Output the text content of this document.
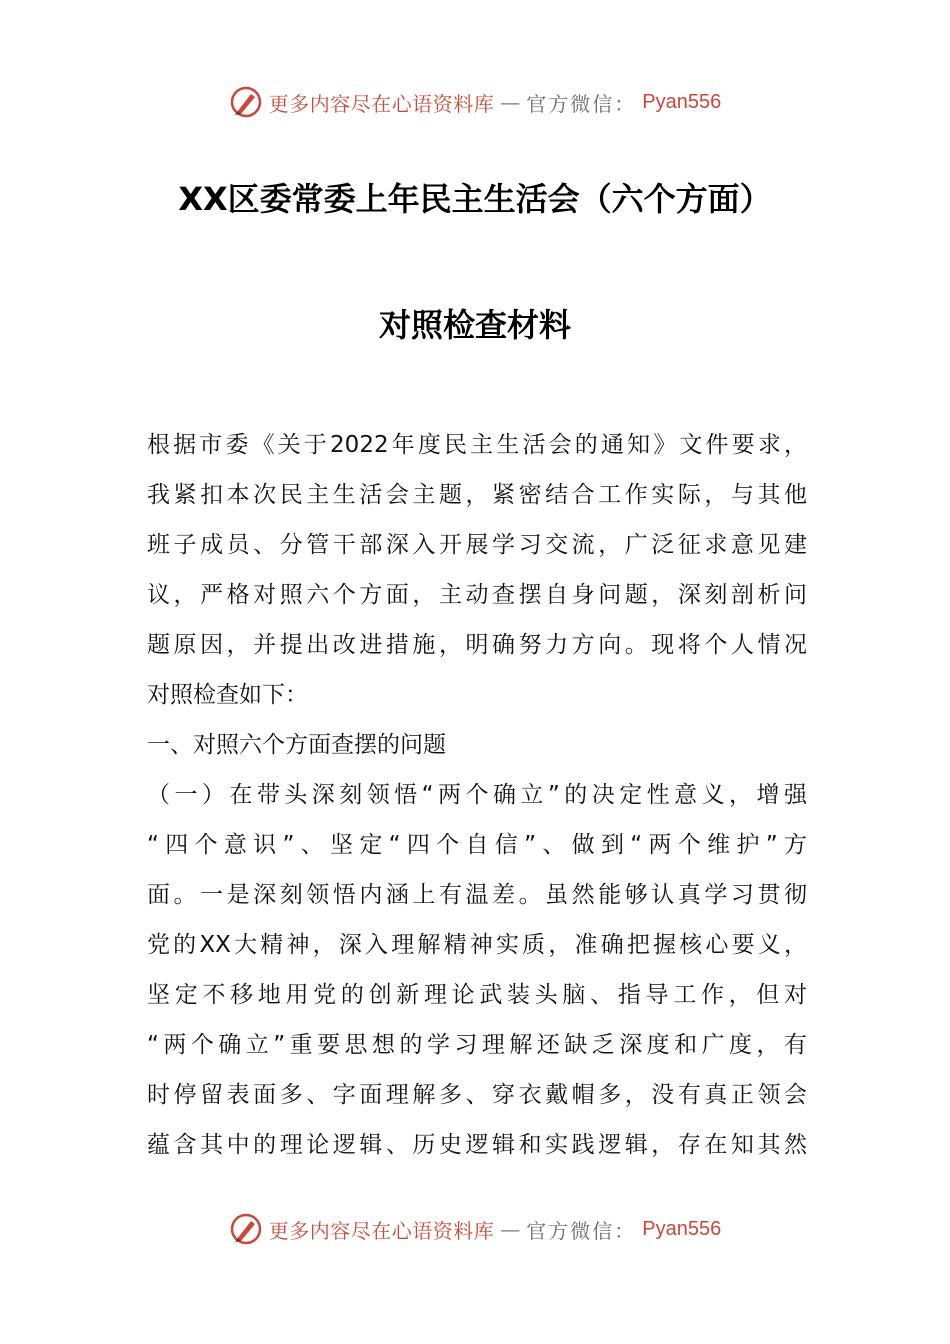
更多内容尽在心语资料库 — 官方微信： Pyan556
XX区委常委上年民主生活会（六个方面）
对照检查材料
根据市委《关于2022年度民主生活会的通知》文件要求，
我紧扣本次民主生活会主题，紧密结合工作实际，与其他
班子成员、分管干部深入开展学习交流，广泛征求意见建
议，严格对照六个方面，主动查摆自身问题，深刻剖析问
题原因，并提出改进措施，明确努力方向。现将个人情况
对照检查如下：
一、对照六个方面查摆的问题
（一）在带头深刻领悟“两个确立”的决定性意义，增强
“四个意识”、坚定“四个自信”、做到“两个维护”方
面。一是深刻领悟内涵上有温差。虽然能够认真学习贯彻
党的XX大精神，深入理解精神实质，准确把握核心要义，
坚定不移地用党的创新理论武装头脑、指导工作，但对
“两个确立”重要思想的学习理解还缺乏深度和广度，有
时停留表面多、字面理解多、穿衣戴帽多，没有真正领会
蕴含其中的理论逻辑、历史逻辑和实践逻辑，存在知其然
更多内容尽在心语资料库 — 官方微信： Pyan556
